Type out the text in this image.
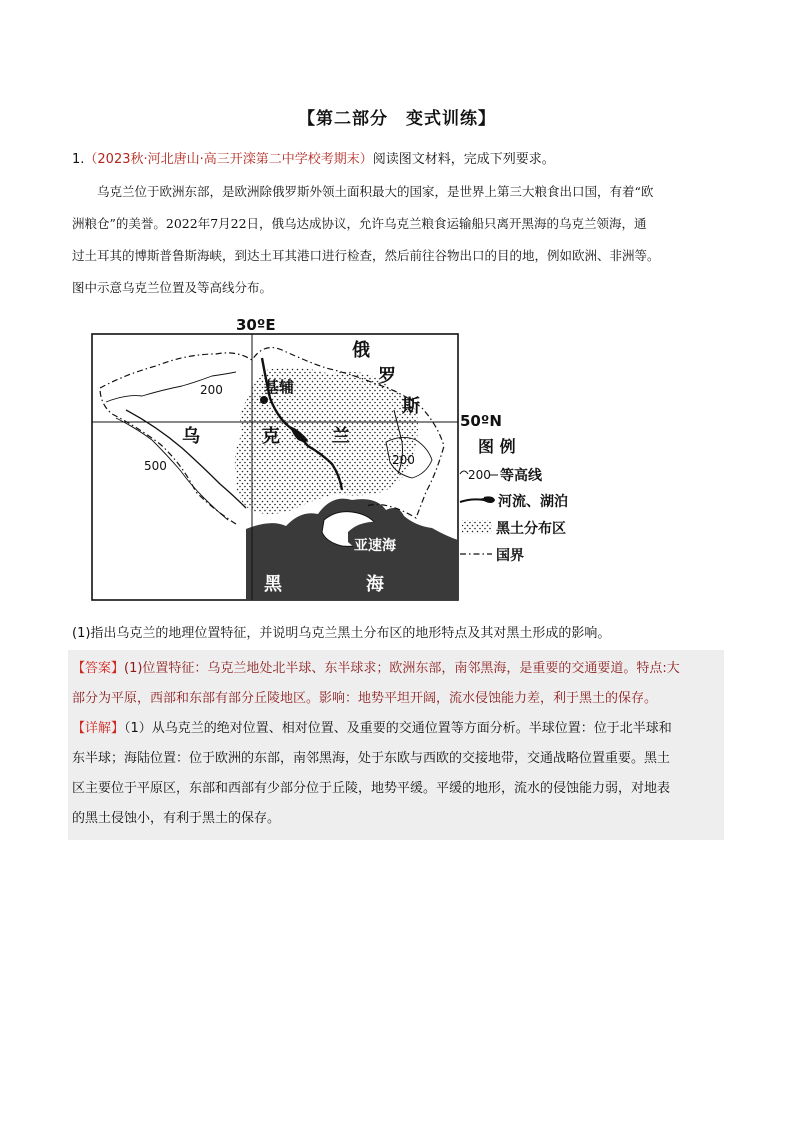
【第二部分　变式训练】
1.（2023秋·河北唐山·高三开滦第二中学校考期末）阅读图文材料，完成下列要求。

乌克兰位于欧洲东部，是欧洲除俄罗斯外领土面积最大的国家，是世界上第三大粮食出口国，有着“欧

洲粮仓”的美誉。2022年7月22日，俄乌达成协议，允许乌克兰粮食运输船只离开黑海的乌克兰领海，通

过土耳其的博斯普鲁斯海峡，到达土耳其港口进行检查，然后前往谷物出口的目的地，例如欧洲、非洲等。

图中示意乌克兰位置及等高线分布。

30ºE
50ºN
俄
罗
斯
基辅
乌	克	兰
亚速海
黑	海
200
200
500
图 例
200 等高线
河流、湖泊
黑土分布区
国界
(1)指出乌克兰的地理位置特征，并说明乌克兰黑土分布区的地形特点及其对黑土形成的影响。

【答案】(1)位置特征：乌克兰地处北半球、东半球求；欧洲东部，南邻黑海，是重要的交通要道。特点:大

部分为平原，西部和东部有部分丘陵地区。影响：地势平坦开阔，流水侵蚀能力差，利于黑土的保存。

【详解】（1）从乌克兰的绝对位置、相对位置、及重要的交通位置等方面分析。半球位置：位于北半球和

东半球；海陆位置：位于欧洲的东部，南邻黑海，处于东欧与西欧的交接地带，交通战略位置重要。黑土

区主要位于平原区，东部和西部有少部分位于丘陵，地势平缓。平缓的地形，流水的侵蚀能力弱，对地表

的黑土侵蚀小，有利于黑土的保存。
